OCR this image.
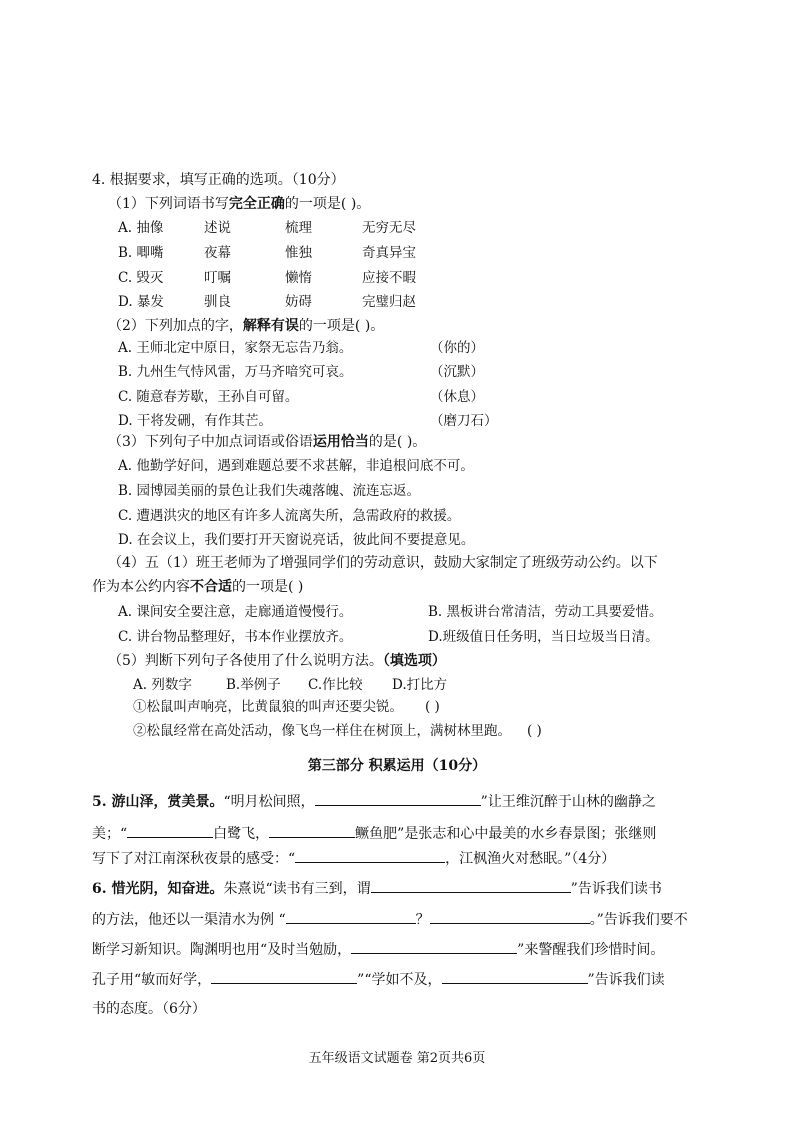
4. 根据要求，填写正确的选项。（10分）
（1）下列词语书写完全正确的一项是( )。
A. 抽像	述说	梳理	无穷无尽
B. 唧嘴	夜幕	惟独	奇真异宝
C. 毁灭	叮嘱	懒惰	应接不暇
D. 暴发	驯良	妨碍	完璧归赵
（2）下列加点的字，解释有误的一项是( )。
A. 王师北定中原日，家祭无忘告乃翁。	（你的）
B. 九州生气恃风雷，万马齐喑究可哀。	（沉默）
C. 随意春芳歇，王孙自可留。	（休息）
D. 干将发硎，有作其芒。	（磨刀石）
（3）下列句子中加点词语或俗语运用恰当的是( )。
A. 他勤学好问，遇到难题总要不求甚解，非追根问底不可。
B. 园博园美丽的景色让我们失魂落魄、流连忘返。
C. 遭遇洪灾的地区有许多人流离失所，急需政府的救援。
D. 在会议上，我们要打开天窗说亮话，彼此间不要提意见。
（4）五（1）班王老师为了增强同学们的劳动意识，鼓励大家制定了班级劳动公约。以下
作为本公约内容不合适的一项是( )
A. 课间安全要注意，走廊通道慢慢行。	B. 黑板讲台常清洁，劳动工具要爱惜。
C. 讲台物品整理好，书本作业摆放齐。	D.班级值日任务明，当日垃圾当日清。
（5）判断下列句子各使用了什么说明方法。（填选项）
A. 列数字	B.举例子 C.作比较 D.打比方
①松鼠叫声响亮，比黄鼠狼的叫声还要尖锐。 ( )
②松鼠经常在高处活动，像飞鸟一样住在树顶上，满树林里跑。 ( )
第三部分 积累运用（10分）
5. 游山泽，赏美景。“明月松间照，	”让王维沉醉于山林的幽静之
美；“	白鹭飞，	鳜鱼肥”是张志和心中最美的水乡春景图；张继则
写下了对江南深秋夜景的感受：“	，江枫渔火对愁眠。”（4分）
6. 惜光阴，知奋进。朱熹说“读书有三到，谓	”告诉我们读书
的方法，他还以一渠清水为例 “	？	。”告诉我们要不
断学习新知识。陶渊明也用“及时当勉励，	”来警醒我们珍惜时间。
孔子用“敏而好学，	”“学如不及，	”告诉我们读
书的态度。（6分）
五年级语文试题卷 第2页共6页
